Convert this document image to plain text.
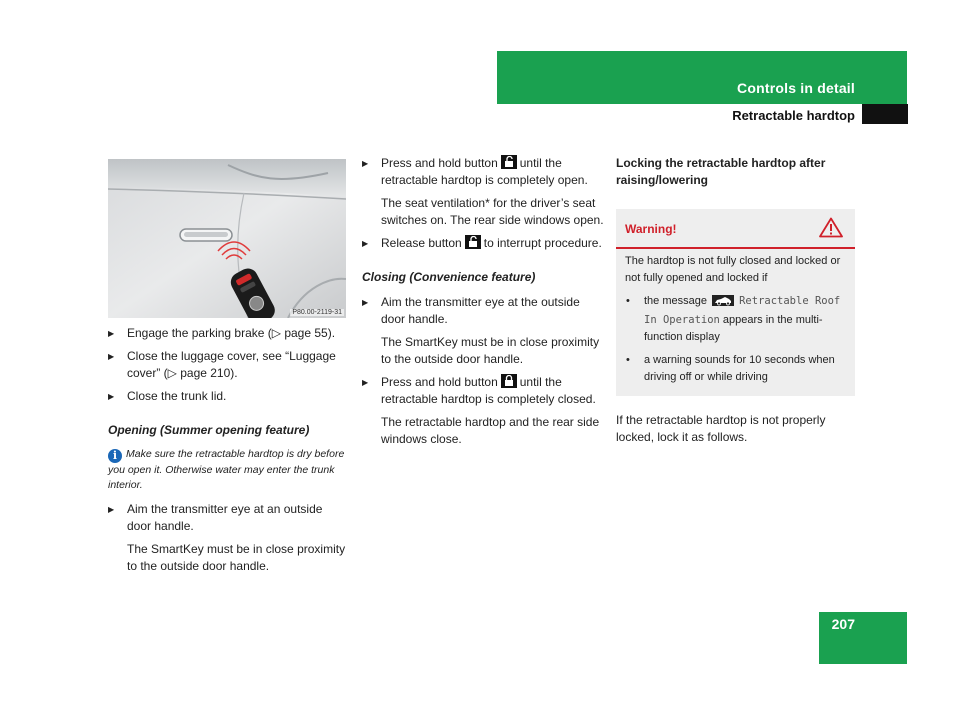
Controls in detail
Retractable hardtop
P80.00-2119-31
▶ Engage the parking brake (▷ page 55).
▶ Close the luggage cover, see “Luggage cover” (▷ page 210).
▶ Close the trunk lid.
Opening (Summer opening feature)
i Make sure the retractable hardtop is dry before you open it. Otherwise water may enter the trunk interior.
▶ Aim the transmitter eye at an outside door handle.
The SmartKey must be in close proximity to the outside door handle.
▶ Press and hold button until the retractable hardtop is completely open.
The seat ventilation* for the driver’s seat switches on. The rear side windows open.
▶ Release button to interrupt procedure.
Closing (Convenience feature)
▶ Aim the transmitter eye at the outside door handle.
The SmartKey must be in close proximity to the outside door handle.
▶ Press and hold button until the retractable hardtop is completely closed.
The retractable hardtop and the rear side windows close.
Locking the retractable hardtop after raising/lowering
Warning!

The hardtop is not fully closed and locked or not fully opened and locked if

• the message	Retractable Roof In Operation appears in the multi-function display
• a warning sounds for 10 seconds when driving off or while driving
If the retractable hardtop is not properly locked, lock it as follows.
207
